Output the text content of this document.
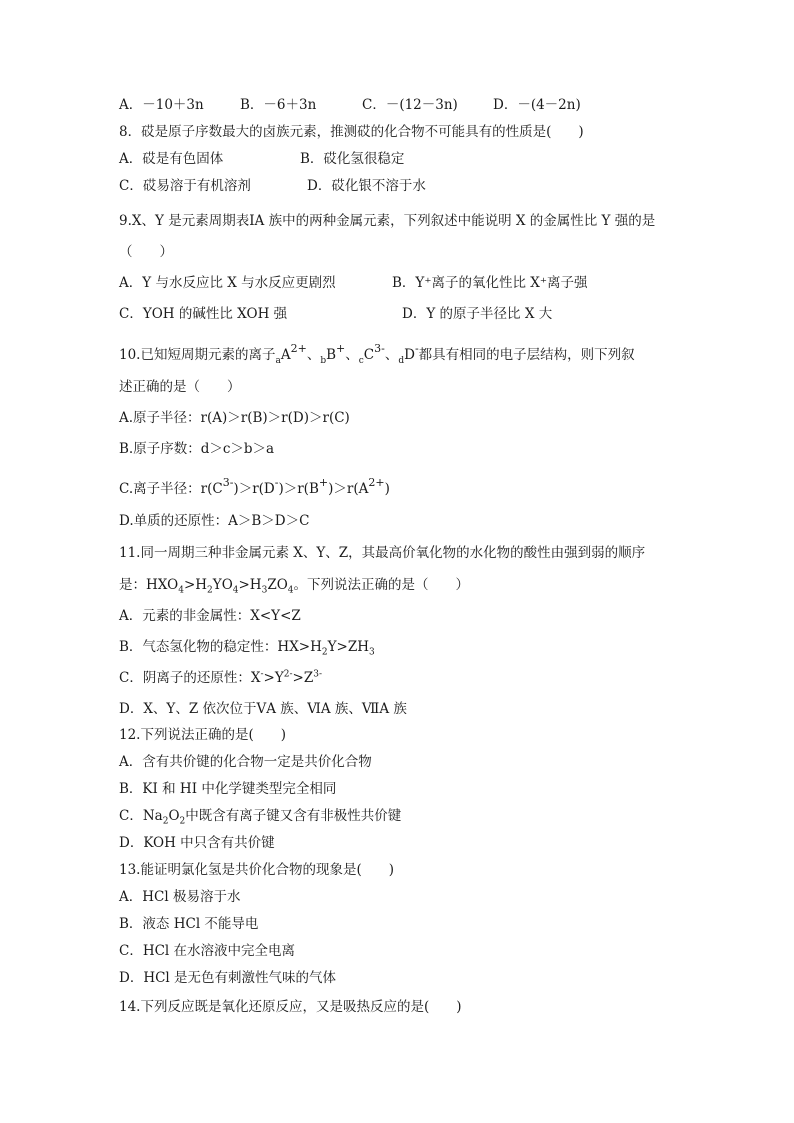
A．－10＋3n	B．－6＋3n	C．－(12－3n)	D．－(4－2n)
8．砹是原子序数最大的卤族元素，推测砹的化合物不可能具有的性质是(　　)
A．砹是有色固体	B．砹化氢很稳定
C．砹易溶于有机溶剂	D．砹化银不溶于水
9.X、Y 是元素周期表ⅠA 族中的两种金属元素，下列叙述中能说明 X 的金属性比 Y 强的是
（　　）
A．Y 与水反应比 X 与水反应更剧烈	B．Y⁺离子的氧化性比 X⁺离子强
C．YOH 的碱性比 XOH 强	D．Y 的原子半径比 X 大
10.已知短周期元素的离子$_aA^{2+}$、$_b$B+、$_cC^{3-}$、$_d$D-都具有相同的电子层结构，则下列叙
述正确的是（　　）
A.原子半径：r(A)＞r(B)＞r(D)＞r(C)
B.原子序数：d＞c＞b＞a
C.离子半径：$r(C^{3-})>r(D^-)>r(B^+)>r(A^{2+})$
D.单质的还原性：A＞B＞D＞C
11.同一周期三种非金属元素 X、Y、Z，其最高价氧化物的水化物的酸性由强到弱的顺序
是：$HXO_4>H_2YO_4>H_3ZO_4$。下列说法正确的是（　　）
A．元素的非金属性：X<Y<Z
B．气态氢化物的稳定性：$HX>H_2Y>ZH_3$
C．阴离子的还原性：$X^->Y^{2-}>Z^{3-}$
D．X、Y、Z 依次位于ⅤA 族、ⅥA 族、ⅦA 族
12.下列说法正确的是(　　)
A．含有共价键的化合物一定是共价化合物
B．KI 和 HI 中化学键类型完全相同
C．$Na_2O_2$中既含有离子键又含有非极性共价键
D．KOH 中只含有共价键
13.能证明氯化氢是共价化合物的现象是(　　)
A．HCl 极易溶于水
B．液态 HCl 不能导电
C．HCl 在水溶液中完全电离
D．HCl 是无色有刺激性气味的气体
14.下列反应既是氧化还原反应，又是吸热反应的是(　　)
